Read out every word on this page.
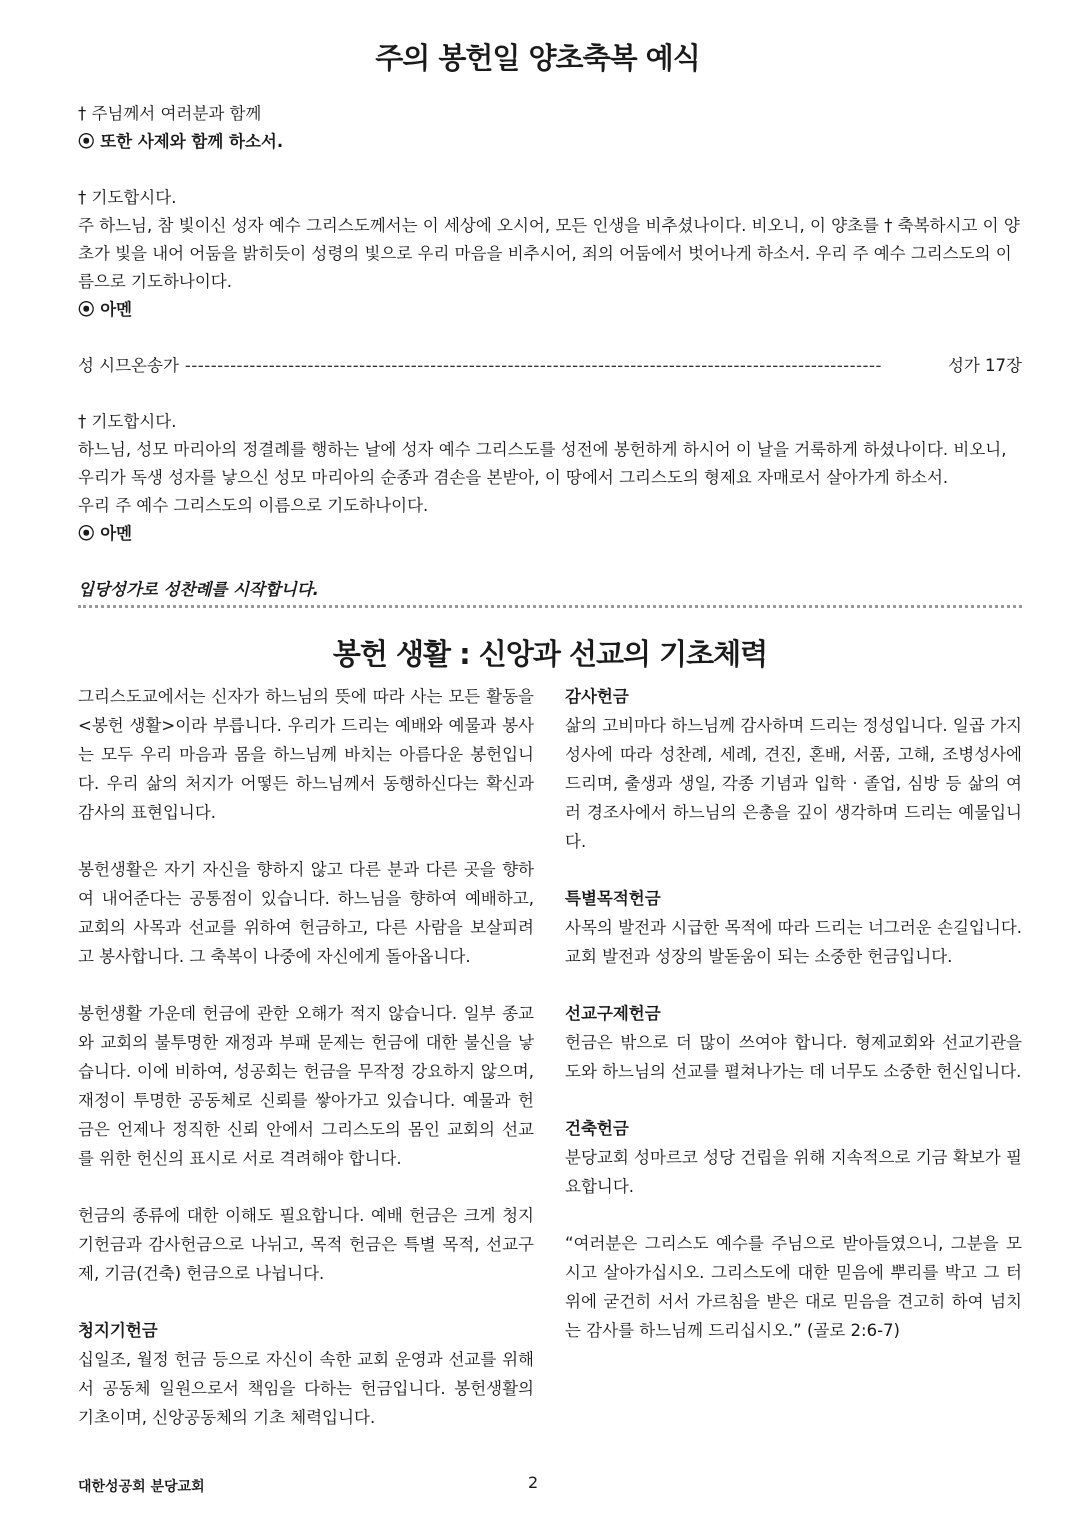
주의 봉헌일 양초축복 예식

† 주님께서 여러분과 함께

⦿ 또한 사제와 함께 하소서.

† 기도합시다.

주 하느님, 참 빛이신 성자 예수 그리스도께서는 이 세상에 오시어, 모든 인생을 비추셨나이다. 비오니, 이 양초를 † 축복하시고 이 양초가 빛을 내어 어둠을 밝히듯이 성령의 빛으로 우리 마음을 비추시어, 죄의 어둠에서 벗어나게 하소서. 우리 주 예수 그리스도의 이름으로 기도하나이다.

⦿ 아멘

성 시므온송가 ------------------------------------------------------------------------------------------------------------	성가 17장

† 기도합시다.

하느님, 성모 마리아의 정결례를 행하는 날에 성자 예수 그리스도를 성전에 봉헌하게 하시어 이 날을 거룩하게 하셨나이다. 비오니, 우리가 독생 성자를 낳으신 성모 마리아의 순종과 겸손을 본받아, 이 땅에서 그리스도의 형제요 자매로서 살아가게 하소서.

우리 주 예수 그리스도의 이름으로 기도하나이다.

⦿ 아멘

입당성가로 성찬례를 시작합니다.

봉헌 생활 : 신앙과 선교의 기초체력

그리스도교에서는 신자가 하느님의 뜻에 따라 사는 모든 활동을 <봉헌 생활>이라 부릅니다. 우리가 드리는 예배와 예물과 봉사는 모두 우리 마음과 몸을 하느님께 바치는 아름다운 봉헌입니다. 우리 삶의 처지가 어떻든 하느님께서 동행하신다는 확신과 감사의 표현입니다.

봉헌생활은 자기 자신을 향하지 않고 다른 분과 다른 곳을 향하여 내어준다는 공통점이 있습니다. 하느님을 향하여 예배하고, 교회의 사목과 선교를 위하여 헌금하고, 다른 사람을 보살피려고 봉사합니다. 그 축복이 나중에 자신에게 돌아옵니다.

봉헌생활 가운데 헌금에 관한 오해가 적지 않습니다. 일부 종교와 교회의 불투명한 재정과 부패 문제는 헌금에 대한 불신을 낳습니다. 이에 비하여, 성공회는 헌금을 무작정 강요하지 않으며, 재정이 투명한 공동체로 신뢰를 쌓아가고 있습니다. 예물과 헌금은 언제나 정직한 신뢰 안에서 그리스도의 몸인 교회의 선교를 위한 헌신의 표시로 서로 격려해야 합니다.

헌금의 종류에 대한 이해도 필요합니다. 예배 헌금은 크게 청지기헌금과 감사헌금으로 나뉘고, 목적 헌금은 특별 목적, 선교구제, 기금(건축) 헌금으로 나뉩니다.

청지기헌금

십일조, 월정 헌금 등으로 자신이 속한 교회 운영과 선교를 위해서 공동체 일원으로서 책임을 다하는 헌금입니다. 봉헌생활의 기초이며, 신앙공동체의 기초 체력입니다.

감사헌금

삶의 고비마다 하느님께 감사하며 드리는 정성입니다. 일곱 가지 성사에 따라 성찬례, 세례, 견진, 혼배, 서품, 고해, 조병성사에 드리며, 출생과 생일, 각종 기념과 입학 · 졸업, 심방 등 삶의 여러 경조사에서 하느님의 은총을 깊이 생각하며 드리는 예물입니다.

특별목적헌금

사목의 발전과 시급한 목적에 따라 드리는 너그러운 손길입니다. 교회 발전과 성장의 발돋움이 되는 소중한 헌금입니다.

선교구제헌금

헌금은 밖으로 더 많이 쓰여야 합니다. 형제교회와 선교기관을 도와 하느님의 선교를 펼쳐나가는 데 너무도 소중한 헌신입니다.

건축헌금

분당교회 성마르코 성당 건립을 위해 지속적으로 기금 확보가 필요합니다.

“여러분은 그리스도 예수를 주님으로 받아들였으니, 그분을 모시고 살아가십시오. 그리스도에 대한 믿음에 뿌리를 박고 그 터 위에 굳건히 서서 가르침을 받은 대로 믿음을 견고히 하여 넘치는 감사를 하느님께 드리십시오.” (골로 2:6-7)

대한성공회 분당교회	2
